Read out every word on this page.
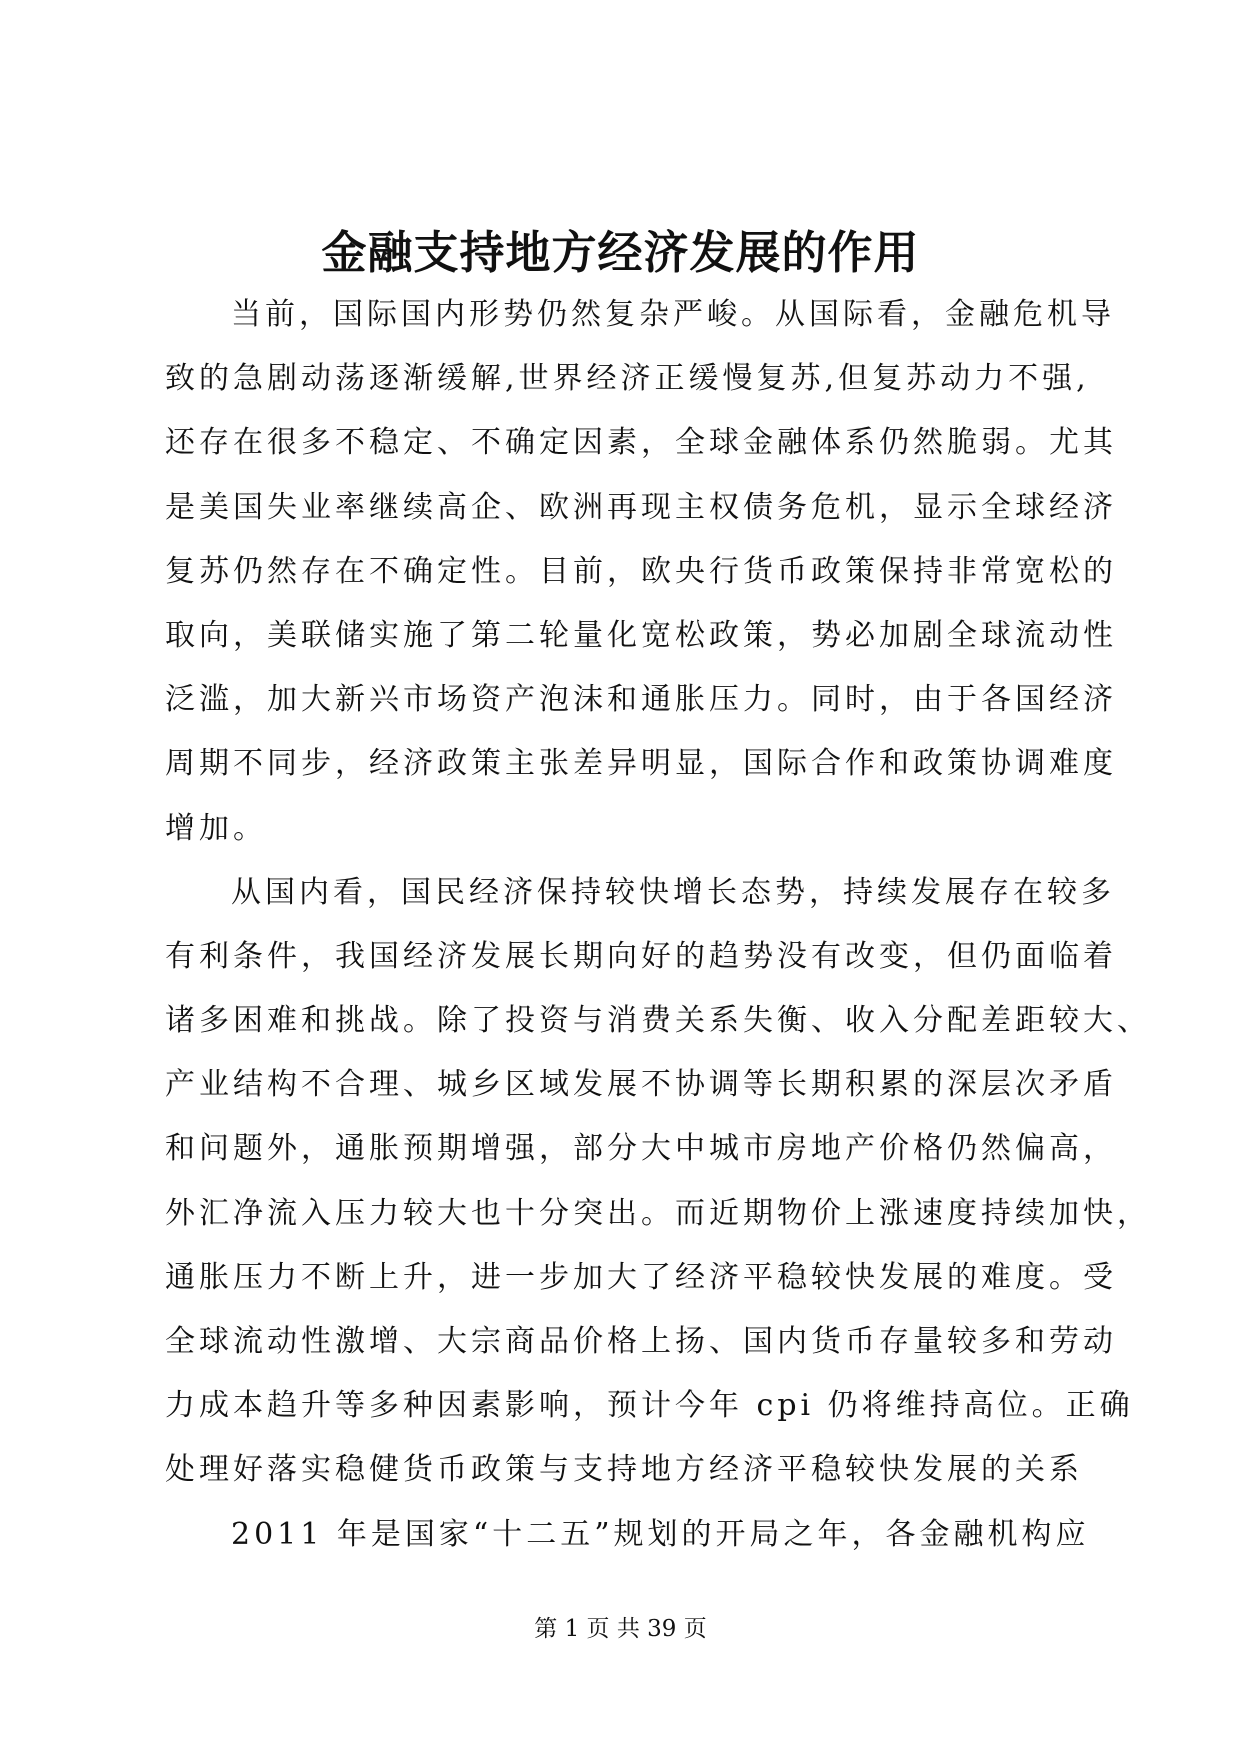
金融支持地方经济发展的作用
当前，国际国内形势仍然复杂严峻。从国际看，金融危机导
致的急剧动荡逐渐缓解,世界经济正缓慢复苏,但复苏动力不强,
还存在很多不稳定、不确定因素，全球金融体系仍然脆弱。尤其
是美国失业率继续高企、欧洲再现主权债务危机，显示全球经济
复苏仍然存在不确定性。目前，欧央行货币政策保持非常宽松的
取向，美联储实施了第二轮量化宽松政策，势必加剧全球流动性
泛滥，加大新兴市场资产泡沫和通胀压力。同时，由于各国经济
周期不同步，经济政策主张差异明显，国际合作和政策协调难度
增加。
从国内看，国民经济保持较快增长态势，持续发展存在较多
有利条件，我国经济发展长期向好的趋势没有改变，但仍面临着
诸多困难和挑战。除了投资与消费关系失衡、收入分配差距较大、
产业结构不合理、城乡区域发展不协调等长期积累的深层次矛盾
和问题外，通胀预期增强，部分大中城市房地产价格仍然偏高，
外汇净流入压力较大也十分突出。而近期物价上涨速度持续加快，
通胀压力不断上升，进一步加大了经济平稳较快发展的难度。受
全球流动性激增、大宗商品价格上扬、国内货币存量较多和劳动
力成本趋升等多种因素影响，预计今年 cpi 仍将维持高位。正确
处理好落实稳健货币政策与支持地方经济平稳较快发展的关系
2011 年是国家“十二五”规划的开局之年，各金融机构应
第 1 页 共 39 页
